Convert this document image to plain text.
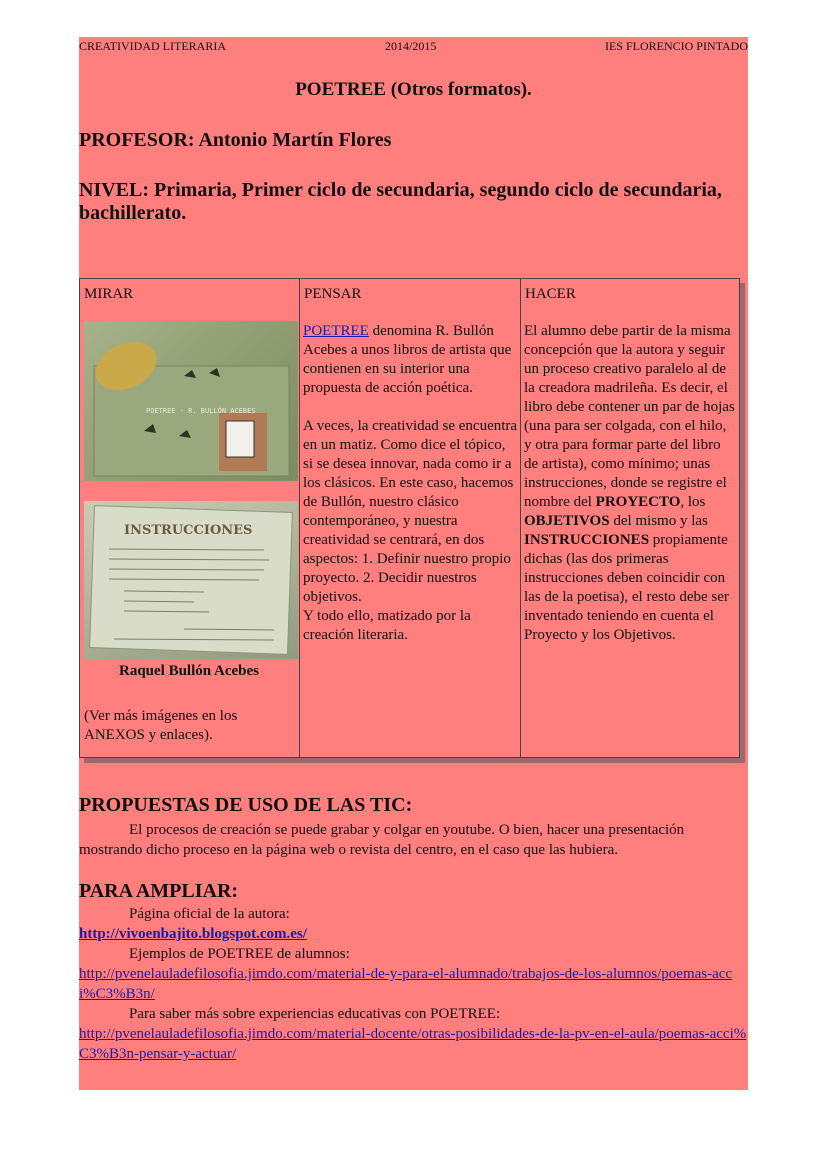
CREATIVIDAD LITERARIA	2014/2015	IES FLORENCIO PINTADO
POETREE (Otros formatos).
PROFESOR: Antonio Martín Flores
NIVEL: Primaria, Primer ciclo de secundaria, segundo ciclo de secundaria, bachillerato.
MIRAR
POETREE · R. BULLÓN ACEBES
INSTRUCCIONES
Raquel Bullón Acebes
(Ver más imágenes en los ANEXOS y enlaces).
PENSAR
POETREE denomina R. Bullón Acebes a unos libros de artista que contienen en su interior una propuesta de acción poética.
A veces, la creatividad se encuentra en un matiz. Como dice el tópico, si se desea innovar, nada como ir a los clásicos. En este caso, hacemos de Bullón, nuestro clásico contemporáneo, y nuestra creatividad se centrará, en dos aspectos: 1. Definir nuestro propio proyecto. 2. Decidir nuestros objetivos.
Y todo ello, matizado por la creación literaria.
HACER
El alumno debe partir de la misma concepción que la autora y seguir un proceso creativo paralelo al de la creadora madrileña. Es decir, el libro debe contener un par de hojas (una para ser colgada, con el hilo, y otra para formar parte del libro de artista), como mínimo; unas instrucciones, donde se registre el nombre del PROYECTO, los OBJETIVOS del mismo y las INSTRUCCIONES propiamente dichas (las dos primeras instrucciones deben coincidir con las de la poetisa), el resto debe ser inventado teniendo en cuenta el Proyecto y los Objetivos.
PROPUESTAS DE USO DE LAS TIC:
El procesos de creación se puede grabar y colgar en youtube. O bien, hacer una presentación mostrando dicho proceso en la página web o revista del centro, en el caso que las hubiera.
PARA AMPLIAR:
Página oficial de la autora:
http://vivoenbajito.blogspot.com.es/
Ejemplos de POETREE de alumnos:
http://pvenelauladefilosofia.jimdo.com/material-de-y-para-el-alumnado/trabajos-de-los-alumnos/poemas-acci%C3%B3n/
Para saber más sobre experiencias educativas con POETREE:
http://pvenelauladefilosofia.jimdo.com/material-docente/otras-posibilidades-de-la-pv-en-el-aula/poemas-acci%C3%B3n-pensar-y-actuar/
